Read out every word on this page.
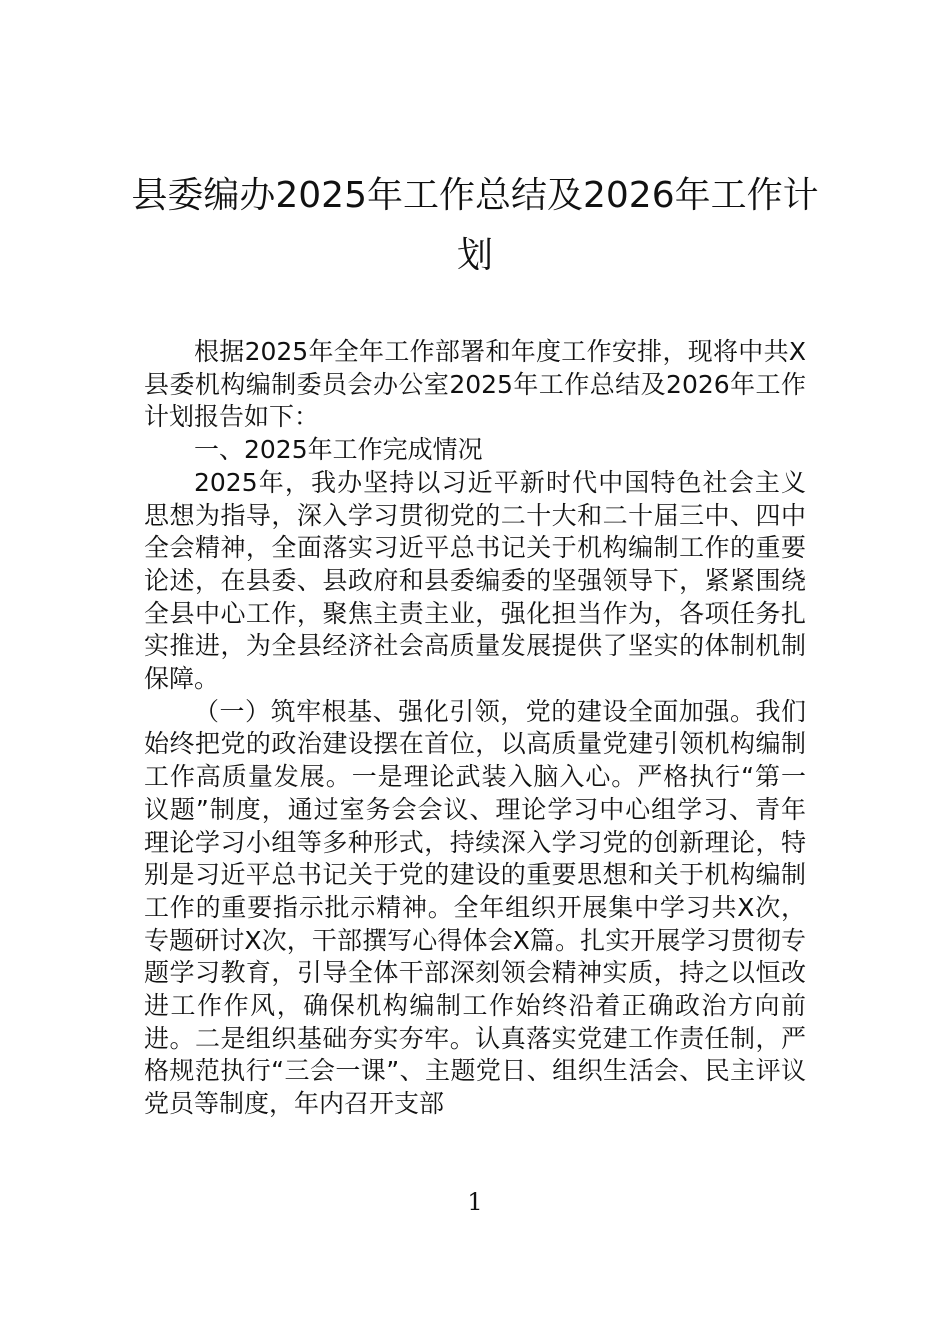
县委编办2025年工作总结及2026年工作计
划

根据2025年全年工作部署和年度工作安排，现将中共X县委机构编制委员会办公室2025年工作总结及2026年工作计划报告如下：

一、2025年工作完成情况

2025年，我办坚持以习近平新时代中国特色社会主义思想为指导，深入学习贯彻党的二十大和二十届三中、四中全会精神，全面落实习近平总书记关于机构编制工作的重要论述，在县委、县政府和县委编委的坚强领导下，紧紧围绕全县中心工作，聚焦主责主业，强化担当作为，各项任务扎实推进，为全县经济社会高质量发展提供了坚实的体制机制保障。

（一）筑牢根基、强化引领，党的建设全面加强。我们始终把党的政治建设摆在首位，以高质量党建引领机构编制工作高质量发展。一是理论武装入脑入心。严格执行“第一议题”制度，通过室务会会议、理论学习中心组学习、青年理论学习小组等多种形式，持续深入学习党的创新理论，特别是习近平总书记关于党的建设的重要思想和关于机构编制工作的重要指示批示精神。全年组织开展集中学习共X次，专题研讨X次，干部撰写心得体会X篇。扎实开展学习贯彻专题学习教育，引导全体干部深刻领会精神实质，持之以恒改进工作作风，确保机构编制工作始终沿着正确政治方向前进。二是组织基础夯实夯牢。认真落实党建工作责任制，严格规范执行“三会一课”、主题党日、组织生活会、民主评议党员等制度，年内召开支部

1
